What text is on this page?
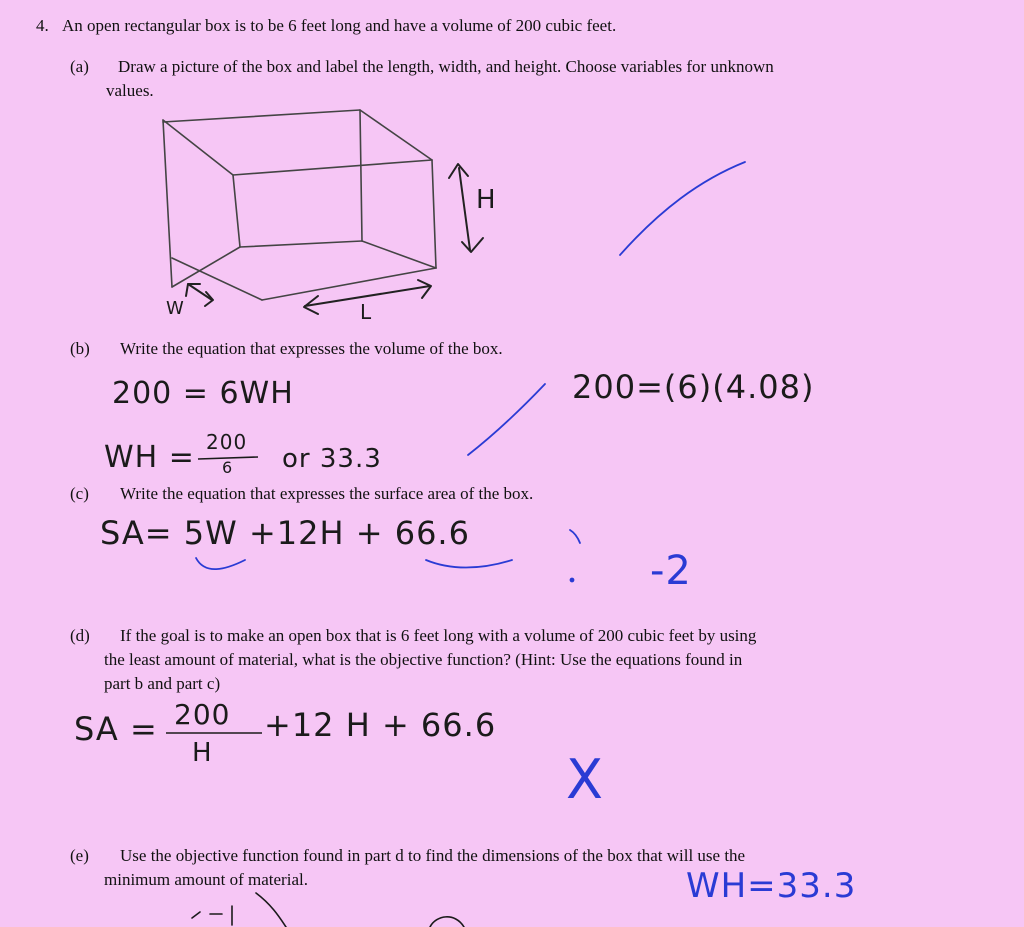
4. An open rectangular box is to be 6 feet long and have a volume of 200 cubic feet.
(a) Draw a picture of the box and label the length, width, and height. Choose variables for unknown
values.
(b) Write the equation that expresses the volume of the box.
(c) Write the equation that expresses the surface area of the box.
(d) If the goal is to make an open box that is 6 feet long with a volume of 200 cubic feet by using
the least amount of material, what is the objective function? (Hint: Use the equations found in
part b and part c)
(e) Use the objective function found in part d to find the dimensions of the box that will use the
minimum amount of material.
H
W	L
200 = 6WH	200=(6)(4.08)
WH = 200
6 or 33.3
SA= 5W +12H + 66.6
-2
SA = 200
H
+12 H + 66.6
X
WH=33.3
